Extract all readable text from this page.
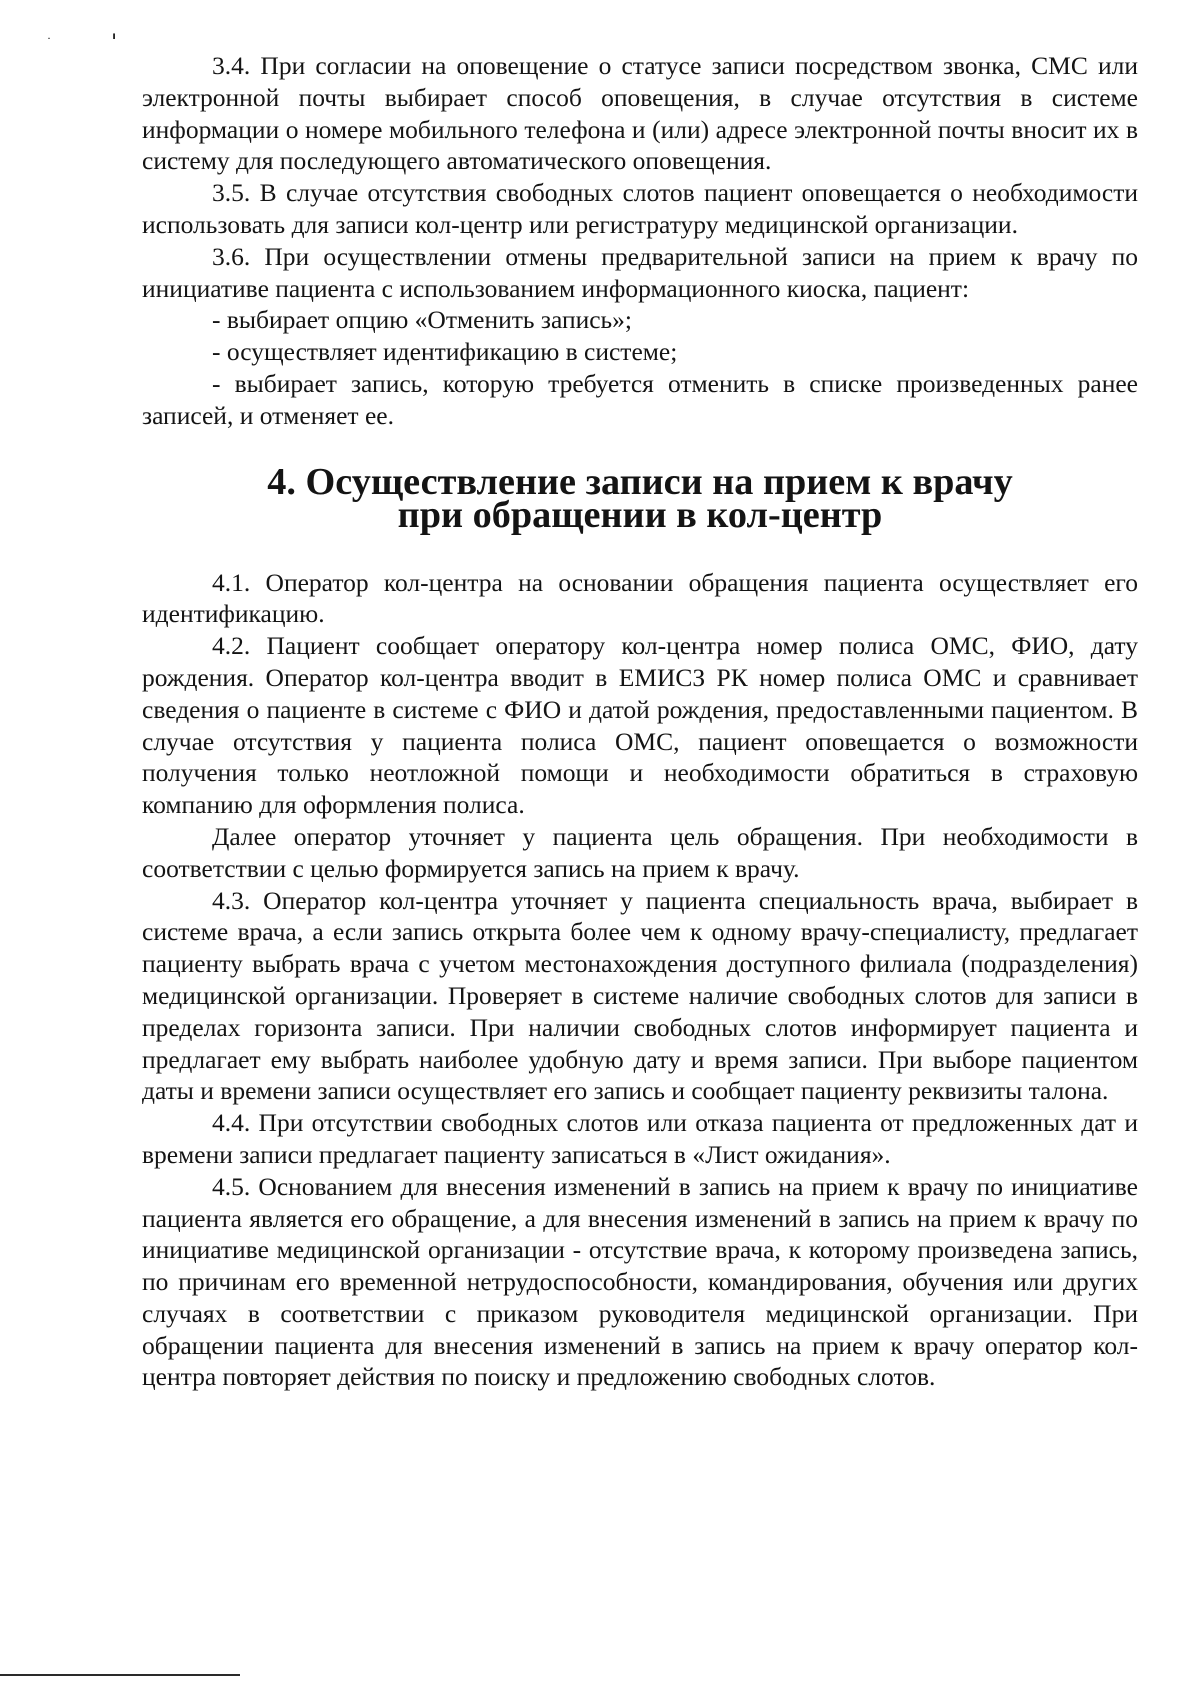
˙	ˈ

3.4. При согласии на оповещение о статусе записи посредством звонка, СМС или электронной почты выбирает способ оповещения, в случае отсутствия в системе информации о номере мобильного телефона и (или) адресе электронной почты вносит их в систему для последующего автоматического оповещения.

3.5. В случае отсутствия свободных слотов пациент оповещается о необходимости использовать для записи кол-центр или регистратуру медицинской организации.

3.6. При осуществлении отмены предварительной записи на прием к врачу по инициативе пациента с использованием информационного киоска, пациент:

- выбирает опцию «Отменить запись»;

- осуществляет идентификацию в системе;

- выбирает запись, которую требуется отменить в списке произведенных ранее записей, и отменяет ее.

4. Осуществление записи на прием к врачу
при обращении в кол-центр

4.1. Оператор кол-центра на основании обращения пациента осуществляет его идентификацию.

4.2. Пациент сообщает оператору кол-центра номер полиса ОМС, ФИО, дату рождения. Оператор кол-центра вводит в ЕМИСЗ РК номер полиса ОМС и сравнивает сведения о пациенте в системе с ФИО и датой рождения, предоставленными пациентом. В случае отсутствия у пациента полиса ОМС, пациент оповещается о возможности получения только неотложной помощи и необходимости обратиться в страховую компанию для оформления полиса.

Далее оператор уточняет у пациента цель обращения. При необходимости в соответствии с целью формируется запись на прием к врачу.

4.3. Оператор кол-центра уточняет у пациента специальность врача, выбирает в системе врача, а если запись открыта более чем к одному врачу-специалисту, предлагает пациенту выбрать врача с учетом местонахождения доступного филиала (подразделения) медицинской организации. Проверяет в системе наличие свободных слотов для записи в пределах горизонта записи. При наличии свободных слотов информирует пациента и предлагает ему выбрать наиболее удобную дату и время записи. При выборе пациентом даты и времени записи осуществляет его запись и сообщает пациенту реквизиты талона.

4.4. При отсутствии свободных слотов или отказа пациента от предложенных дат и времени записи предлагает пациенту записаться в «Лист ожидания».

4.5. Основанием для внесения изменений в запись на прием к врачу по инициативе пациента является его обращение, а для внесения изменений в запись на прием к врачу по инициативе медицинской организации - отсутствие врача, к которому произведена запись, по причинам его временной нетрудоспособности, командирования, обучения или других случаях в соответствии с приказом руководителя медицинской организации. При обращении пациента для внесения изменений в запись на прием к врачу оператор кол-центра повторяет действия по поиску и предложению свободных слотов.
